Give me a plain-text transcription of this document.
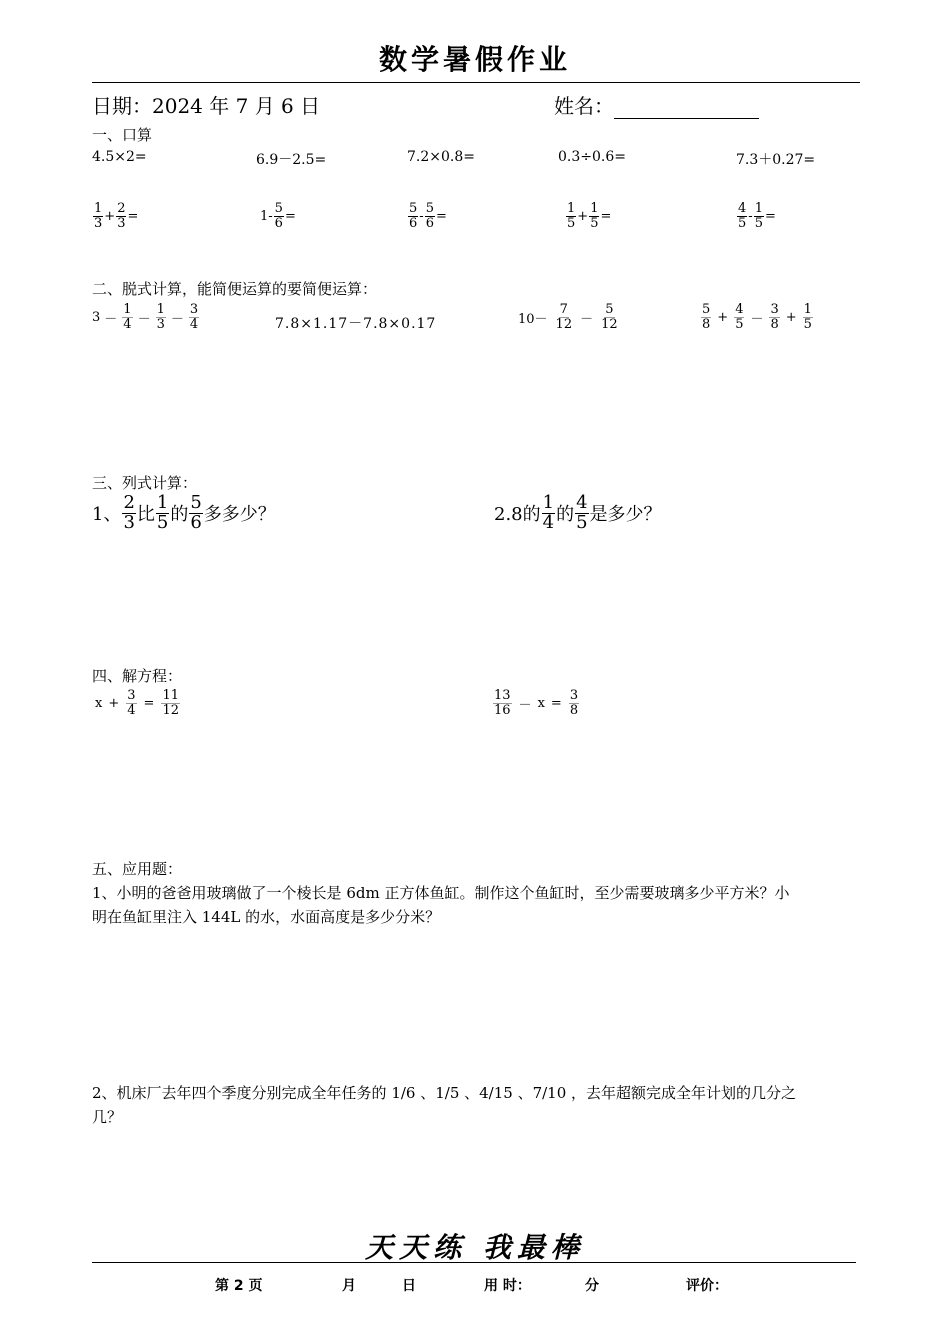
数学暑假作业
日期：2024 年 7 月 6 日	姓名：
一、口算
4.5×2=	6.9－2.5=	7.2×0.8=	0.3÷0.6=	7.3＋0.27=
$\frac{1}{3} + \frac{2}{3}$ =	$1- \frac{5}{6}$ =	$\frac{5}{6} - \frac{5}{6}$ =	$\frac{1}{5} + \frac{1}{5}$ =	$\frac{4}{5} - \frac{1}{5}$ =
二、脱式计算，能简便运算的要简便运算：
$3 - \frac{1}{4} - \frac{1}{3} - \frac{3}{4}$	7.8×1.17－7.8×0.17	$10- \frac{7}{12} - \frac{5}{12}$	$\frac{5}{8} + \frac{4}{5} - \frac{3}{8} + \frac{1}{5}$
三、列式计算：
1、 $\frac{2}{3}$ 比 $\frac{1}{5}$ 的 $\frac{5}{6}$ 多多少？	2.8的 $\frac{1}{4}$ 的 $\frac{4}{5}$ 是多少？
四、解方程：
$x + \frac{3}{4} = \frac{11}{12}$	$\frac{13}{16} - x = \frac{3}{8}$
五、应用题：
1、小明的爸爸用玻璃做了一个棱长是 6dm 正方体鱼缸。制作这个鱼缸时，至少需要玻璃多少平方米？小
明在鱼缸里注入 144L 的水，水面高度是多少分米？
2、机床厂去年四个季度分别完成全年任务的 1/6 、1/5 、4/15 、7/10 ，去年超额完成全年计划的几分之
几？
天天练 我最棒
第 2 页	月	日	用 时：	分	评价：
